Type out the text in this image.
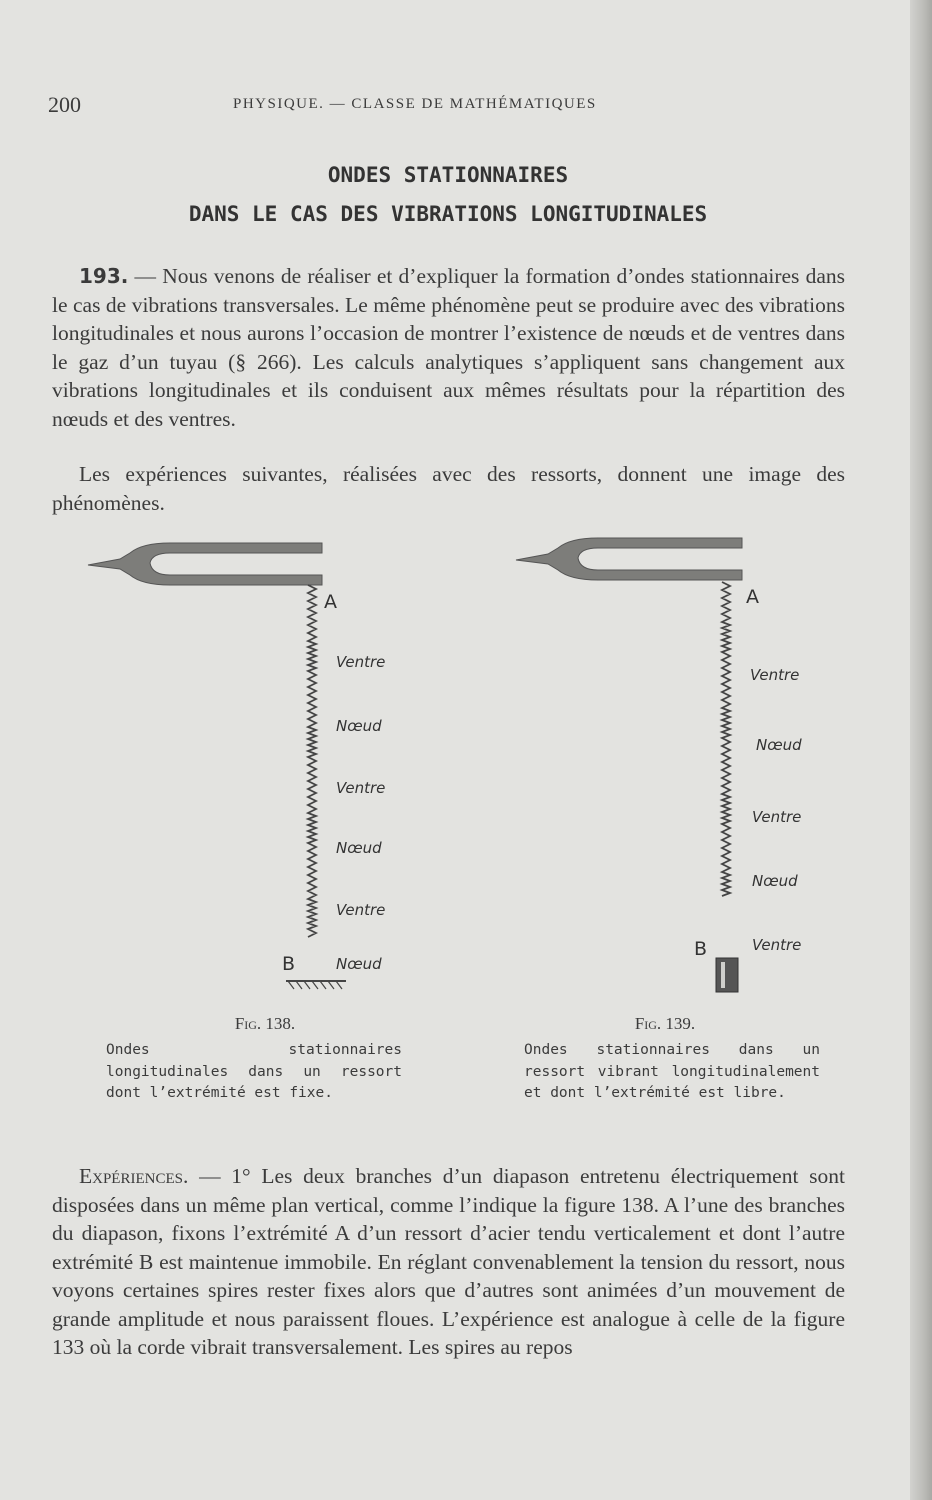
200	PHYSIQUE. — CLASSE DE MATHÉMATIQUES
ONDES STATIONNAIRES
DANS LE CAS DES VIBRATIONS LONGITUDINALES
193. — Nous venons de réaliser et d’expliquer la formation d’ondes stationnaires dans le cas de vibrations transversales. Le même phénomène peut se produire avec des vibrations longitudinales et nous aurons l’occasion de montrer l’existence de nœuds et de ventres dans le gaz d’un tuyau (§ 266). Les calculs analytiques s’appliquent sans changement aux vibrations longitudinales et ils conduisent aux mêmes résultats pour la répartition des nœuds et des ventres.
Les expériences suivantes, réalisées avec des ressorts, donnent une image des phénomènes.
A
B
Ventre
Nœud
Ventre
Nœud
Ventre
Nœud
Fig. 138.
Ondes stationnaires longitudinales dans un ressort dont l’extrémité est fixe.
A
B
Ventre
Nœud
Ventre
Nœud
Ventre
Fig. 139.
Ondes stationnaires dans un ressort vibrant longitudinalement et dont l’extrémité est libre.
Expériences. — 1° Les deux branches d’un diapason entretenu électriquement sont disposées dans un même plan vertical, comme l’indique la figure 138. A l’une des branches du diapason, fixons l’extrémité A d’un ressort d’acier tendu verticalement et dont l’autre extrémité B est maintenue immobile. En réglant convenablement la tension du ressort, nous voyons certaines spires rester fixes alors que d’autres sont animées d’un mouvement de grande amplitude et nous paraissent floues. L’expérience est analogue à celle de la figure 133 où la corde vibrait transversalement. Les spires au repos
